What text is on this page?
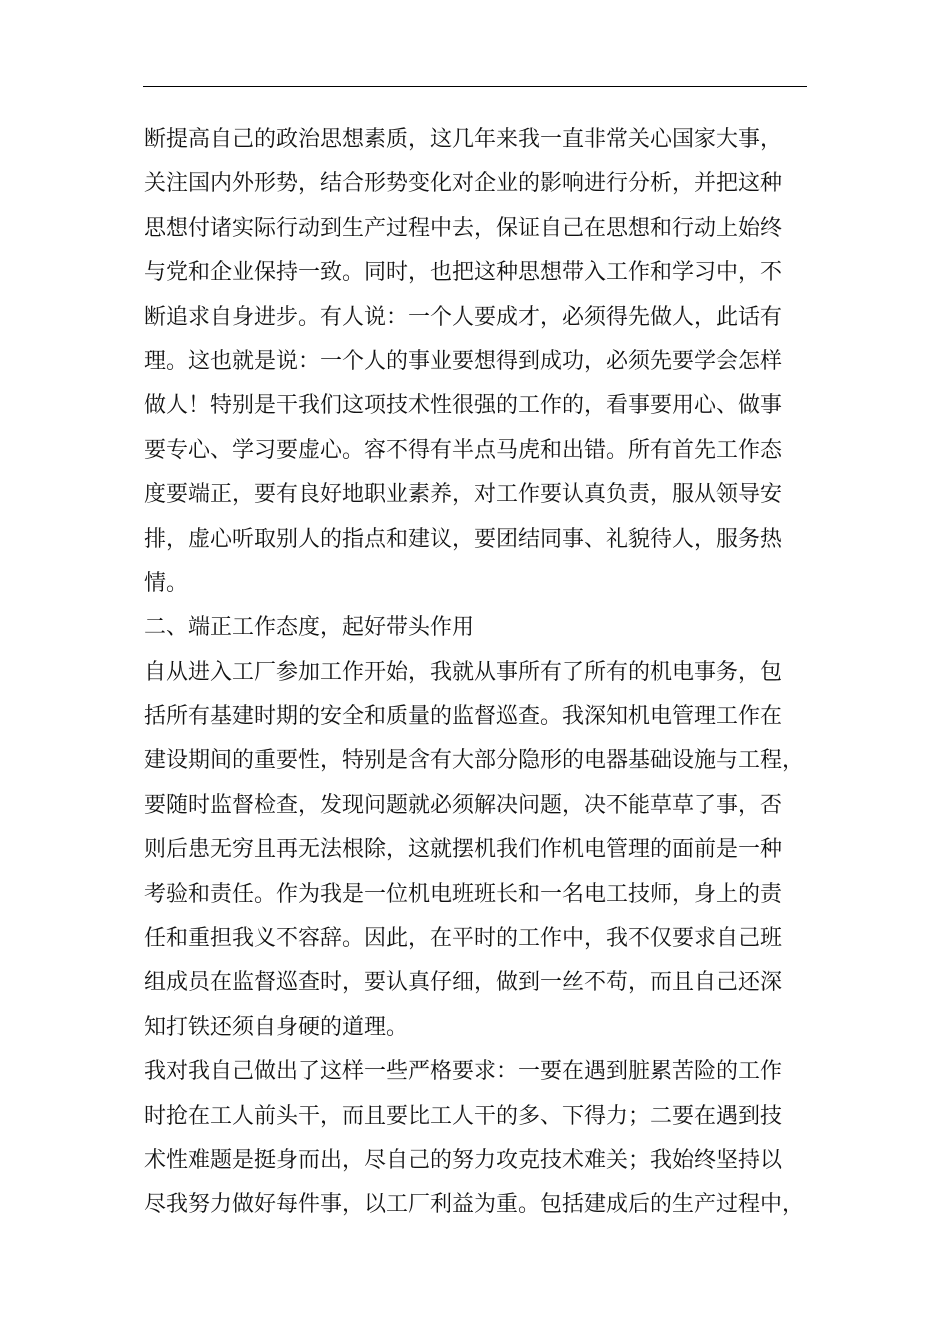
断提高自己的政治思想素质，这几年来我一直非常关心国家大事，
关注国内外形势，结合形势变化对企业的影响进行分析，并把这种
思想付诸实际行动到生产过程中去，保证自己在思想和行动上始终
与党和企业保持一致。同时，也把这种思想带入工作和学习中，不
断追求自身进步。有人说：一个人要成才，必须得先做人，此话有
理。这也就是说：一个人的事业要想得到成功，必须先要学会怎样
做人！特别是干我们这项技术性很强的工作的，看事要用心、做事
要专心、学习要虚心。容不得有半点马虎和出错。所有首先工作态
度要端正，要有良好地职业素养，对工作要认真负责，服从领导安
排，虚心听取别人的指点和建议，要团结同事、礼貌待人，服务热
情。
二、端正工作态度，起好带头作用
自从进入工厂参加工作开始，我就从事所有了所有的机电事务，包
括所有基建时期的安全和质量的监督巡查。我深知机电管理工作在
建设期间的重要性，特别是含有大部分隐形的电器基础设施与工程，
要随时监督检查，发现问题就必须解决问题，决不能草草了事，否
则后患无穷且再无法根除，这就摆机我们作机电管理的面前是一种
考验和责任。作为我是一位机电班班长和一名电工技师，身上的责
任和重担我义不容辞。因此，在平时的工作中，我不仅要求自己班
组成员在监督巡查时，要认真仔细，做到一丝不苟，而且自己还深
知打铁还须自身硬的道理。
我对我自己做出了这样一些严格要求：一要在遇到脏累苦险的工作
时抢在工人前头干，而且要比工人干的多、下得力；二要在遇到技
术性难题是挺身而出，尽自己的努力攻克技术难关；我始终坚持以
尽我努力做好每件事，以工厂利益为重。包括建成后的生产过程中，
